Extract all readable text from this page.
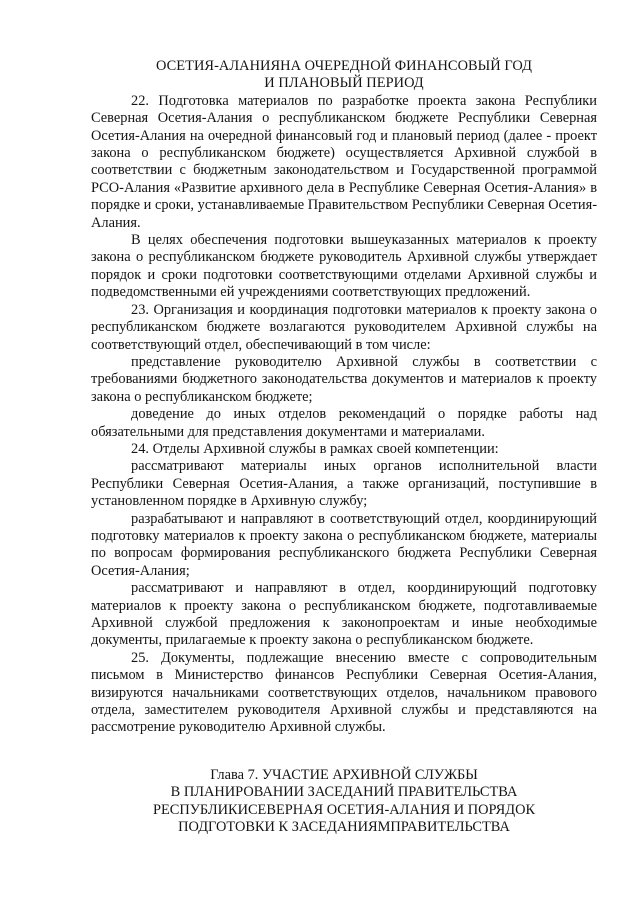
ОСЕТИЯ-АЛАНИЯНА ОЧЕРЕДНОЙ ФИНАНСОВЫЙ ГОД
И ПЛАНОВЫЙ ПЕРИОД

22. Подготовка материалов по разработке проекта закона Республики Северная Осетия-Алания о республиканском бюджете Республики Северная Осетия-Алания на очередной финансовый год и плановый период (далее - проект закона о республиканском бюджете) осуществляется Архивной службой в соответствии с бюджетным законодательством и Государственной программой РСО-Алания «Развитие архивного дела в Республике Северная Осетия-Алания» в порядке и сроки, устанавливаемые Правительством Республики Северная Осетия-Алания.

В целях обеспечения подготовки вышеуказанных материалов к проекту закона о республиканском бюджете руководитель Архивной службы утверждает порядок и сроки подготовки соответствующими отделами Архивной службы и подведомственными ей учреждениями соответствующих предложений.

23. Организация и координация подготовки материалов к проекту закона о республиканском бюджете возлагаются руководителем Архивной службы на соответствующий отдел, обеспечивающий в том числе:

представление руководителю Архивной службы в соответствии с требованиями бюджетного законодательства документов и материалов к проекту закона о республиканском бюджете;

доведение до иных отделов рекомендаций о порядке работы над обязательными для представления документами и материалами.

24. Отделы Архивной службы в рамках своей компетенции:

рассматривают материалы иных органов исполнительной власти Республики Северная Осетия-Алания, а также организаций, поступившие в установленном порядке в Архивную службу;

разрабатывают и направляют в соответствующий отдел, координирующий подготовку материалов к проекту закона о республиканском бюджете, материалы по вопросам формирования республиканского бюджета Республики Северная Осетия-Алания;

рассматривают и направляют в отдел, координирующий подготовку материалов к проекту закона о республиканском бюджете, подготавливаемые Архивной службой предложения к законопроектам и иные необходимые документы, прилагаемые к проекту закона о республиканском бюджете.

25. Документы, подлежащие внесению вместе с сопроводительным письмом в Министерство финансов Республики Северная Осетия-Алания, визируются начальниками соответствующих отделов, начальником правового отдела, заместителем руководителя Архивной службы и представляются на рассмотрение руководителю Архивной службы.

Глава 7. УЧАСТИЕ АРХИВНОЙ СЛУЖБЫ
В ПЛАНИРОВАНИИ ЗАСЕДАНИЙ ПРАВИТЕЛЬСТВА
РЕСПУБЛИКИСЕВЕРНАЯ ОСЕТИЯ-АЛАНИЯ И ПОРЯДОК
ПОДГОТОВКИ К ЗАСЕДАНИЯМПРАВИТЕЛЬСТВА
